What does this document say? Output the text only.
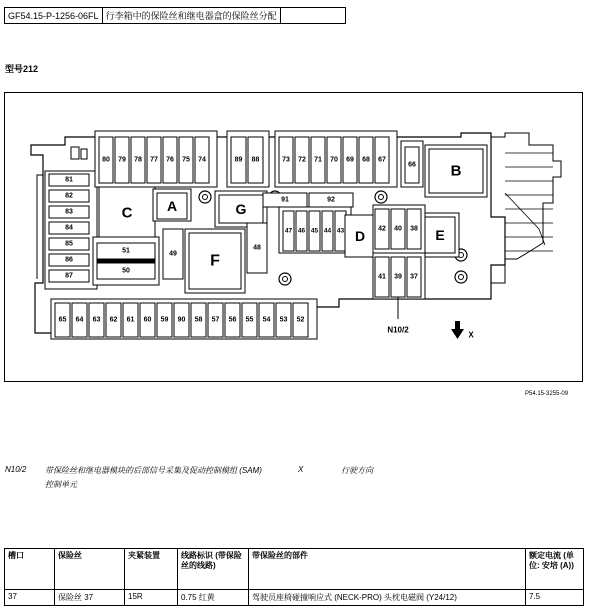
GF54.15-P-1256-06FL	行李箱中的保险丝和继电器盒的保险丝分配	
型号212
81
82
83
84
85
86
87
80 79 78 77 76 75 74	89 88	73 72 71 70 69 68 67
66 B
C A	G
91	92
47 46 45 44 43 D 42 40 38 E
41 39 37
51
50
49
48
F
65 64 63 62 61 60 59 90 58 57 56 55 54 53 52
N10/2
X
P54.15-3255-09
N10/2 带保险丝和继电器模块的后部信号采集及促动控制模组 (SAM)
控制单元
X	行驶方向
槽口	保险丝	夹紧装置	线路标识 (带保险丝的线路)	带保险丝的部件	额定电流 (单位: 安培 (A))
37	保险丝 37	15R	0.75 红黄	驾驶员座椅碰撞响应式 (NECK-PRO) 头枕电磁阀 (Y24/12)	7.5
